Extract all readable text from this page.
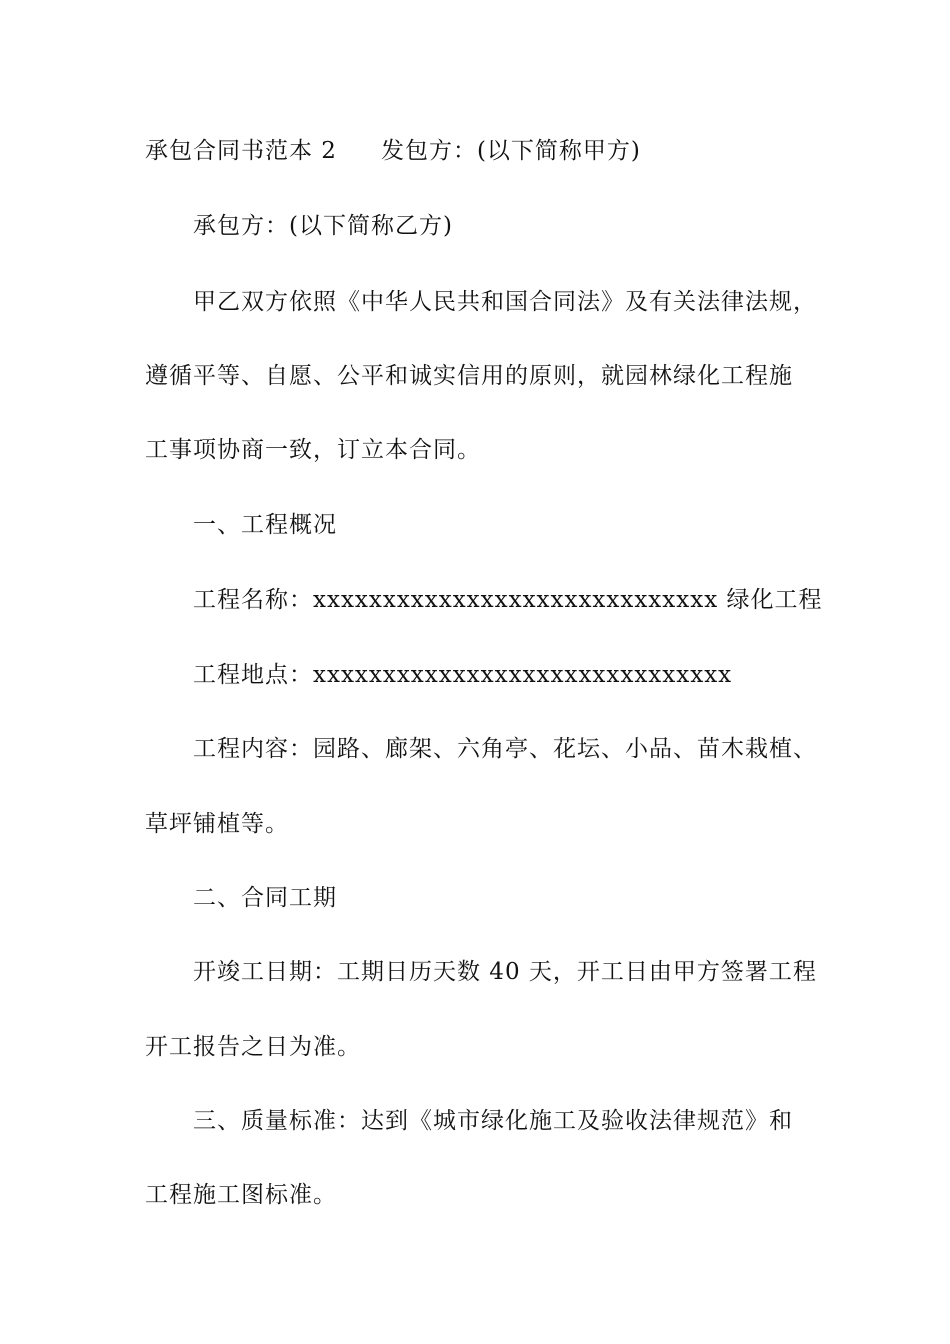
承包合同书范本 2 发包方：(以下简称甲方)
承包方：(以下简称乙方)
甲乙双方依照《中华人民共和国合同法》及有关法律法规，
遵循平等、自愿、公平和诚实信用的原则，就园林绿化工程施
工事项协商一致，订立本合同。
一、工程概况
工程名称：xxxxxxxxxxxxxxxxxxxxxxxxxxxxx 绿化工程
工程地点：xxxxxxxxxxxxxxxxxxxxxxxxxxxxxx
工程内容：园路、廊架、六角亭、花坛、小品、苗木栽植、
草坪铺植等。
二、合同工期
开竣工日期：工期日历天数 40 天，开工日由甲方签署工程
开工报告之日为准。
三、质量标准：达到《城市绿化施工及验收法律规范》和
工程施工图标准。
